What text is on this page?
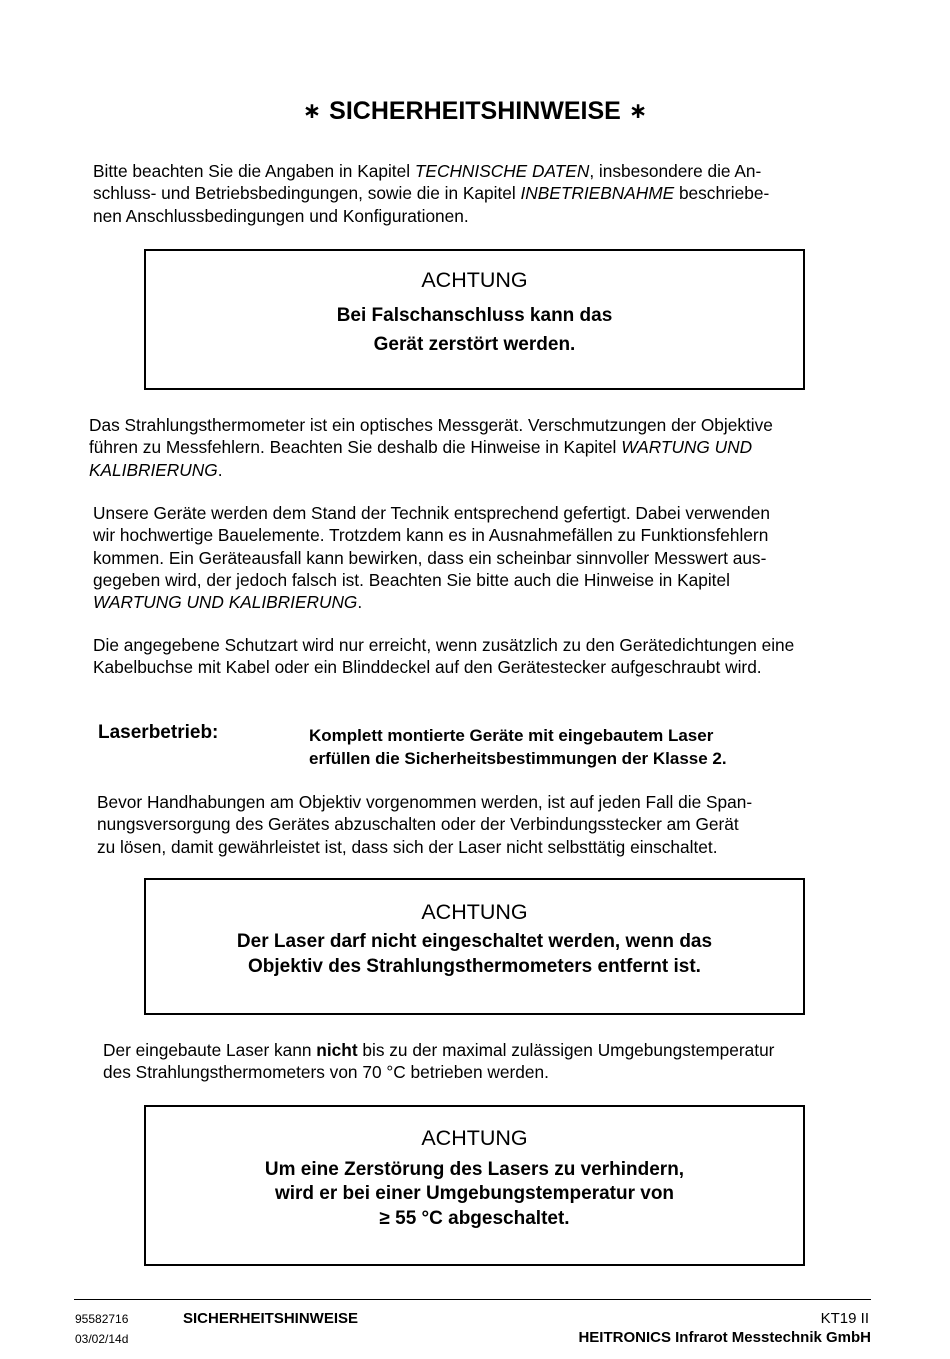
∗ SICHERHEITSHINWEISE ∗
Bitte beachten Sie die Angaben in Kapitel TECHNISCHE DATEN, insbesondere die An-
schluss- und Betriebsbedingungen, sowie die in Kapitel INBETRIEBNAHME beschriebe-
nen Anschlussbedingungen und Konfigurationen.
ACHTUNG
Bei Falschanschluss kann das
Gerät zerstört werden.
Das Strahlungsthermometer ist ein optisches Messgerät. Verschmutzungen der Objektive
führen zu Messfehlern. Beachten Sie deshalb die Hinweise in Kapitel WARTUNG UND
KALIBRIERUNG.
Unsere Geräte werden dem Stand der Technik entsprechend gefertigt. Dabei verwenden
wir hochwertige Bauelemente. Trotzdem kann es in Ausnahmefällen zu Funktionsfehlern
kommen. Ein Geräteausfall kann bewirken, dass ein scheinbar sinnvoller Messwert aus-
gegeben wird, der jedoch falsch ist. Beachten Sie bitte auch die Hinweise in Kapitel
WARTUNG UND KALIBRIERUNG.
Die angegebene Schutzart wird nur erreicht, wenn zusätzlich zu den Gerätedichtungen eine
Kabelbuchse mit Kabel oder ein Blinddeckel auf den Gerätestecker aufgeschraubt wird.
Laserbetrieb:	Komplett montierte Geräte mit eingebautem Laser
erfüllen die Sicherheitsbestimmungen der Klasse 2.
Bevor Handhabungen am Objektiv vorgenommen werden, ist auf jeden Fall die Span-
nungsversorgung des Gerätes abzuschalten oder der Verbindungsstecker am Gerät
zu lösen, damit gewährleistet ist, dass sich der Laser nicht selbsttätig einschaltet.
ACHTUNG
Der Laser darf nicht eingeschaltet werden, wenn das
Objektiv des Strahlungsthermometers entfernt ist.
Der eingebaute Laser kann nicht bis zu der maximal zulässigen Umgebungstemperatur
des Strahlungsthermometers von 70 °C betrieben werden.
ACHTUNG
Um eine Zerstörung des Lasers zu verhindern,
wird er bei einer Umgebungstemperatur von
≥ 55 °C abgeschaltet.
95582716
03/02/14d
SICHERHEITSHINWEISE	KT19 II
HEITRONICS Infrarot Messtechnik GmbH
